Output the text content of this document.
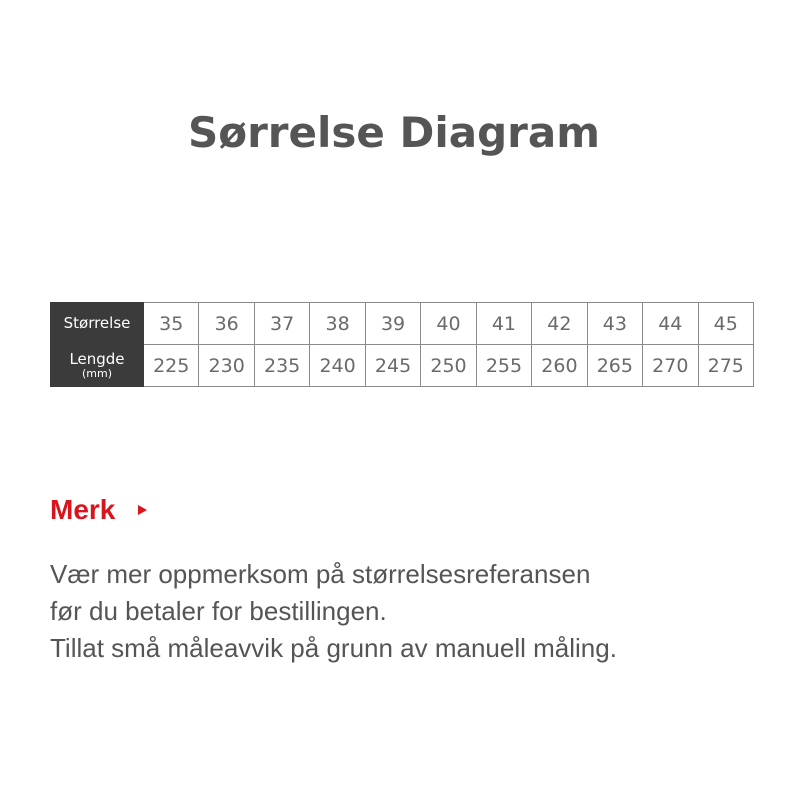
Sørrelse Diagram
Størrelse	35	36	37	38	39	40	41	42	43	44	45
Lengde
(mm)	225	230	235	240	245	250	255	260	265	270	275
Merk
Vær mer oppmerksom på størrelsesreferansen
før du betaler for bestillingen.
Tillat små måleavvik på grunn av manuell måling.
